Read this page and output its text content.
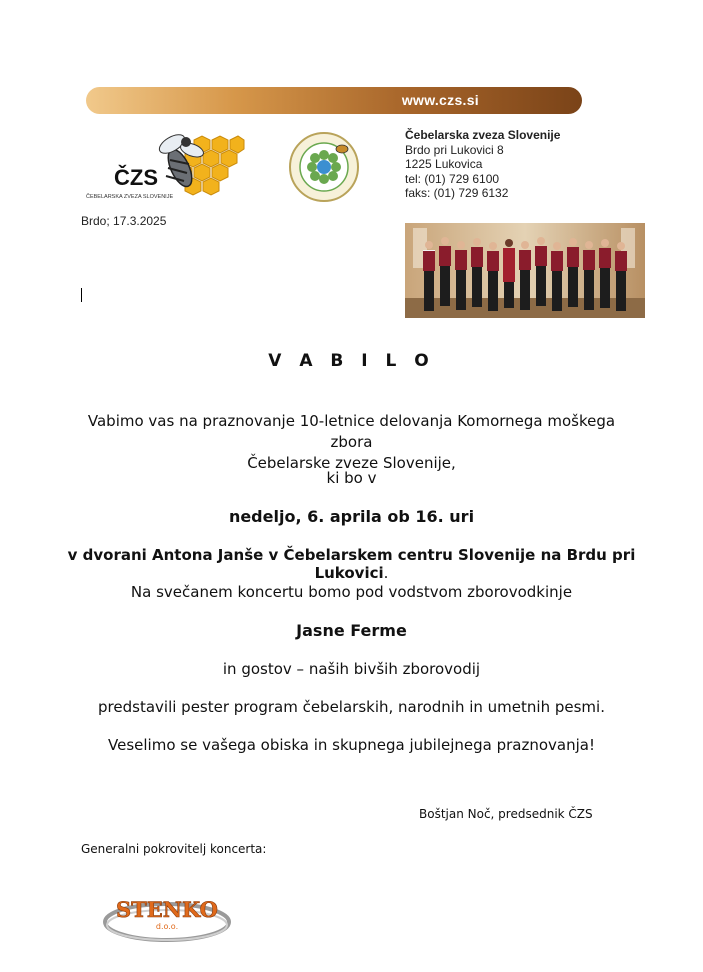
www.czs.si
ČZS
ČEBELARSKA ZVEZA SLOVENIJE
Čebelarska zveza Slovenije
Brdo pri Lukovici 8
1225 Lukovica
tel: (01) 729 6100
faks: (01) 729 6132
Brdo; 17.3.2025
V A B I L O
Vabimo vas na praznovanje 10-letnice delovanja Komornega moškega zbora
Čebelarske zveze Slovenije,
ki bo v
nedeljo, 6. aprila ob 16. uri
v dvorani Antona Janše v Čebelarskem centru Slovenije na Brdu pri Lukovici.
Na svečanem koncertu bomo pod vodstvom zborovodkinje
Jasne Ferme
in gostov – naših bivših zborovodij
predstavili pester program čebelarskih, narodnih in umetnih pesmi.
Veselimo se vašega obiska in skupnega jubilejnega praznovanja!
Boštjan Noč, predsednik ČZS
Generalni pokrovitelj koncerta:
STENKO
d.o.o.
